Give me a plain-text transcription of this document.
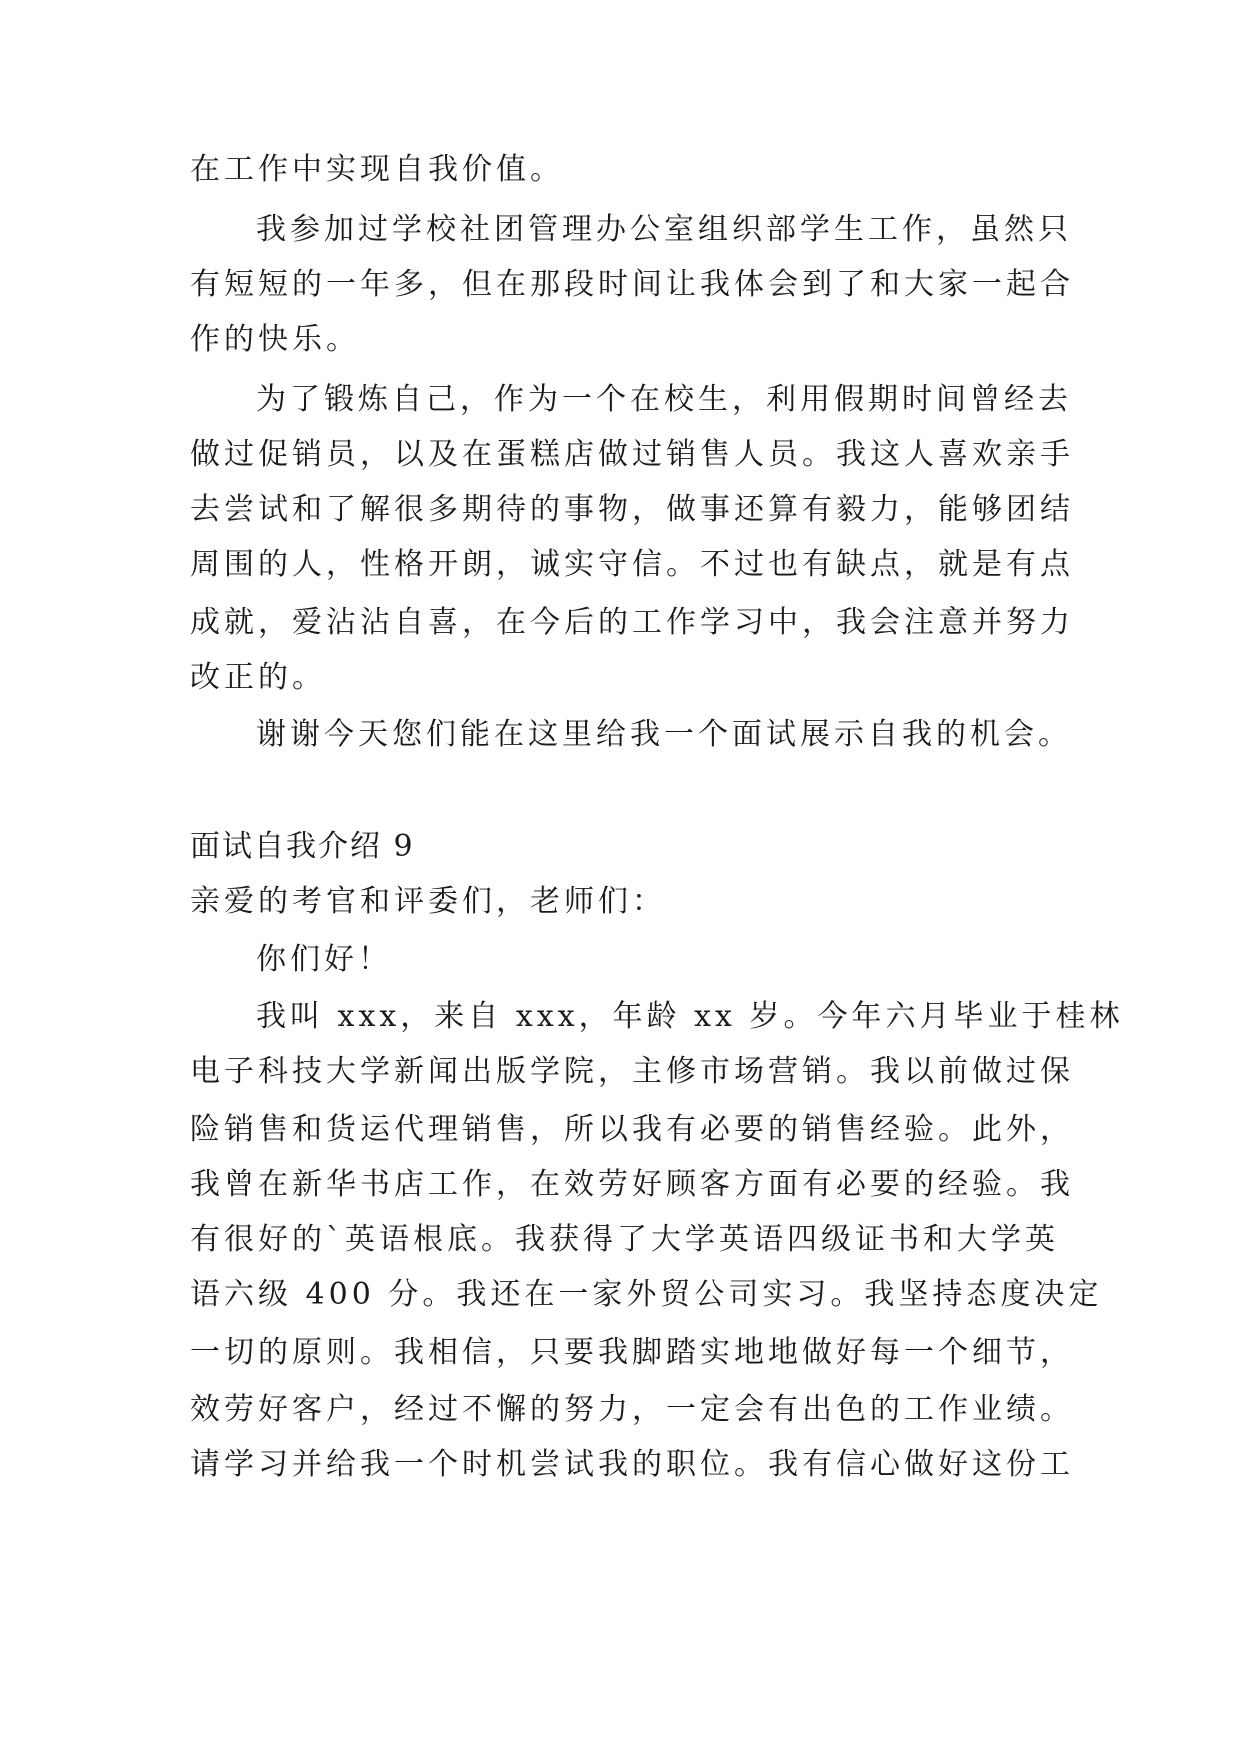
在工作中实现自我价值。
我参加过学校社团管理办公室组织部学生工作，虽然只
有短短的一年多，但在那段时间让我体会到了和大家一起合
作的快乐。
为了锻炼自己，作为一个在校生，利用假期时间曾经去
做过促销员，以及在蛋糕店做过销售人员。我这人喜欢亲手
去尝试和了解很多期待的事物，做事还算有毅力，能够团结
周围的人，性格开朗，诚实守信。不过也有缺点，就是有点
成就，爱沾沾自喜，在今后的工作学习中，我会注意并努力
改正的。
谢谢今天您们能在这里给我一个面试展示自我的机会。
面试自我介绍 9
亲爱的考官和评委们，老师们：
你们好！
我叫 xxx，来自 xxx，年龄 xx 岁。今年六月毕业于桂林
电子科技大学新闻出版学院，主修市场营销。我以前做过保
险销售和货运代理销售，所以我有必要的销售经验。此外，
我曾在新华书店工作，在效劳好顾客方面有必要的经验。我
有很好的`英语根底。我获得了大学英语四级证书和大学英
语六级 400 分。我还在一家外贸公司实习。我坚持态度决定
一切的原则。我相信，只要我脚踏实地地做好每一个细节，
效劳好客户，经过不懈的努力，一定会有出色的工作业绩。
请学习并给我一个时机尝试我的职位。我有信心做好这份工
